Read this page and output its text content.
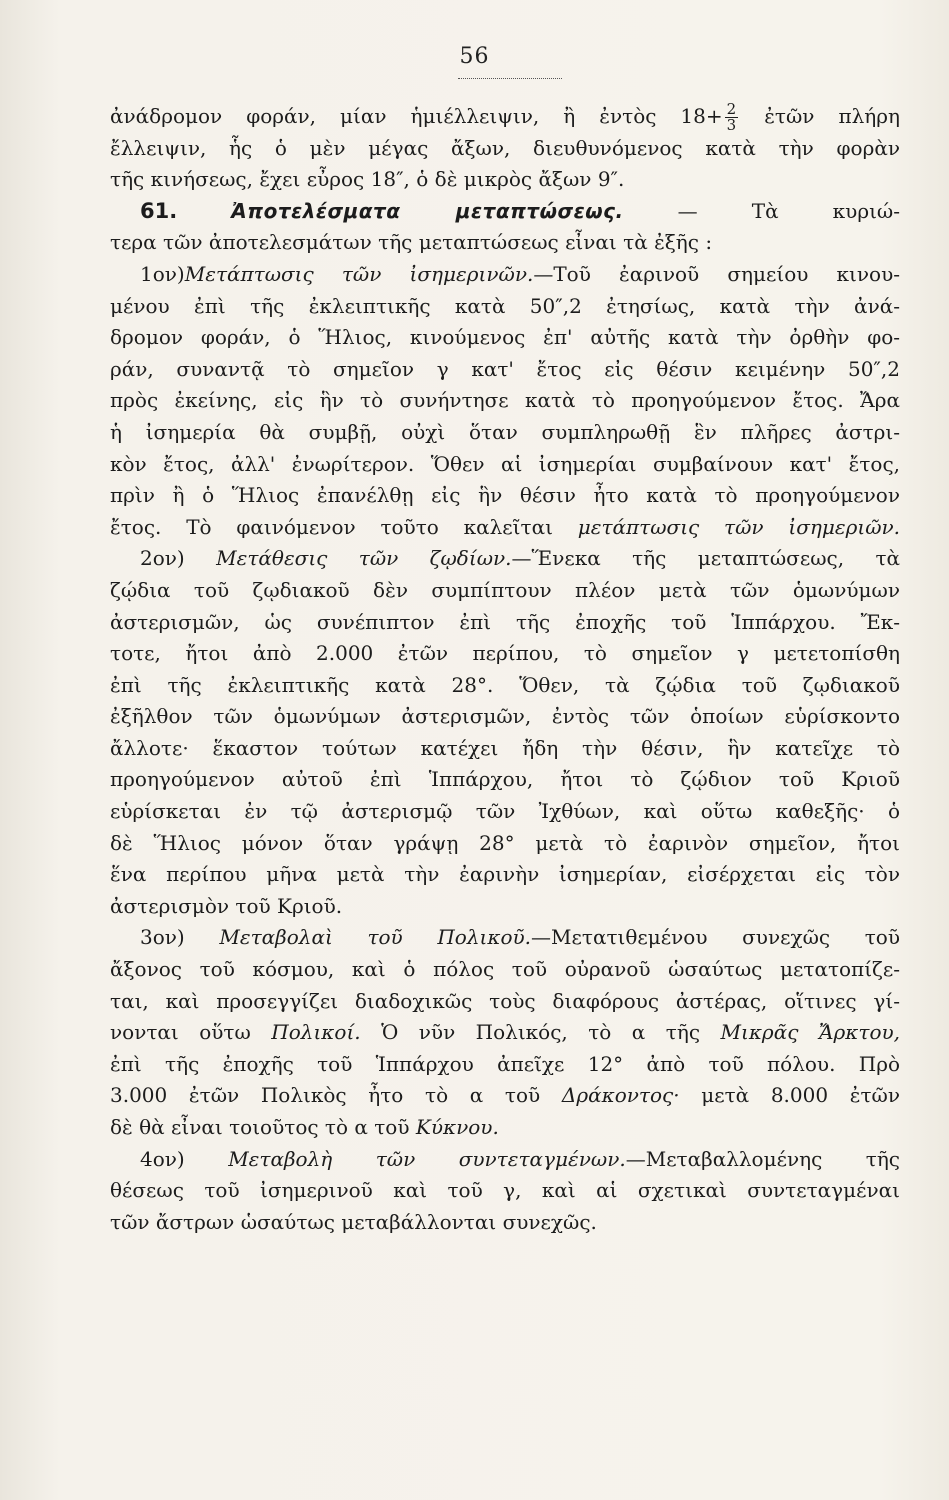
56
ἀνάδρομον φοράν, μίαν ἡμιέλλειψιν, ἢ ἐντὸς $18+ \frac{2}{3}$ ἐτῶν πλήρη
ἔλλειψιν, ἧς ὁ μὲν μέγας ἄξων, διευθυνόμενος κατὰ τὴν φορὰν
τῆς κινήσεως, ἔχει εὖρος 18″, ὁ δὲ μικρὸς ἄξων 9″.
61.	Ἀποτελέσματα μεταπτώσεως.	— Τὰ κυριώ-
τερα τῶν ἀποτελεσμάτων τῆς μεταπτώσεως εἶναι τὰ ἐξῆς :
1ον)Μετάπτωσις τῶν ἰσημερινῶν.—Τοῦ ἐαρινοῦ σημείου κινου-
μένου ἐπὶ τῆς ἐκλειπτικῆς κατὰ 50″,2 ἐτησίως, κατὰ τὴν ἀνά-
δρομον φοράν, ὁ Ἥλιος, κινούμενος ἐπ' αὐτῆς κατὰ τὴν ὀρθὴν φο-
ράν, συναντᾷ τὸ σημεῖον γ κατ' ἔτος εἰς θέσιν κειμένην 50″,2
πρὸς ἐκείνης, εἰς ἣν τὸ συνήντησε κατὰ τὸ προηγούμενον ἔτος. Ἄρα
ἡ ἰσημερία θὰ συμβῇ, οὐχὶ ὅταν συμπληρωθῇ ἓν πλῆρες ἀστρι-
κὸν ἔτος, ἀλλ' ἐνωρίτερον. Ὅθεν αἱ ἰσημερίαι συμβαίνουν κατ' ἔτος,
πρὶν ἢ ὁ Ἥλιος ἐπανέλθῃ εἰς ἣν θέσιν ἦτο κατὰ τὸ προηγούμενον
ἔτος. Τὸ φαινόμενον τοῦτο καλεῖται μετάπτωσις τῶν ἰσημεριῶν.
2ον) Μετάθεσις τῶν ζῳδίων.—Ἕνεκα τῆς μεταπτώσεως, τὰ
ζῴδια τοῦ ζῳδιακοῦ δὲν συμπίπτουν πλέον μετὰ τῶν ὁμωνύμων
ἀστερισμῶν, ὡς συνέπιπτον ἐπὶ τῆς ἐποχῆς τοῦ Ἱππάρχου. Ἔκ-
τοτε, ἤτοι ἀπὸ 2.000 ἐτῶν περίπου, τὸ σημεῖον γ μετετοπίσθη
ἐπὶ τῆς ἐκλειπτικῆς κατὰ 28°. Ὅθεν, τὰ ζῴδια τοῦ ζῳδιακοῦ
ἐξῆλθον τῶν ὁμωνύμων ἀστερισμῶν, ἐντὸς τῶν ὁποίων εὑρίσκοντο
ἄλλοτε· ἕκαστον τούτων κατέχει ἤδη τὴν θέσιν, ἣν κατεῖχε τὸ
προηγούμενον αὐτοῦ ἐπὶ Ἱππάρχου, ἤτοι τὸ ζῴδιον τοῦ Κριοῦ
εὑρίσκεται ἐν τῷ ἀστερισμῷ τῶν Ἰχθύων, καὶ οὕτω καθεξῆς· ὁ
δὲ Ἥλιος μόνον ὅταν γράψῃ 28° μετὰ τὸ ἐαρινὸν σημεῖον, ἤτοι
ἕνα περίπου μῆνα μετὰ τὴν ἐαρινὴν ἰσημερίαν, εἰσέρχεται εἰς τὸν
ἀστερισμὸν τοῦ Κριοῦ.
3ον) Μεταβολαὶ τοῦ Πολικοῦ.—Μετατιθεμένου συνεχῶς τοῦ
ἄξονος τοῦ κόσμου, καὶ ὁ πόλος τοῦ οὐρανοῦ ὡσαύτως μετατοπίζε-
ται, καὶ προσεγγίζει διαδοχικῶς τοὺς διαφόρους ἀστέρας, οἵτινες γί-
νονται οὕτω Πολικοί. Ὁ νῦν Πολικός, τὸ α τῆς Μικρᾶς Ἄρκτου,
ἐπὶ τῆς ἐποχῆς τοῦ Ἱππάρχου ἀπεῖχε 12° ἀπὸ τοῦ πόλου. Πρὸ
3.000 ἐτῶν Πολικὸς ἦτο τὸ α τοῦ Δράκοντος· μετὰ 8.000 ἐτῶν
δὲ θὰ εἶναι τοιοῦτος τὸ α τοῦ Κύκνου.
4ον) Μεταβολὴ τῶν συντεταγμένων.—Μεταβαλλομένης τῆς
θέσεως τοῦ ἰσημερινοῦ καὶ τοῦ γ, καὶ αἱ σχετικαὶ συντεταγμέναι
τῶν ἄστρων ὡσαύτως μεταβάλλονται συνεχῶς.
